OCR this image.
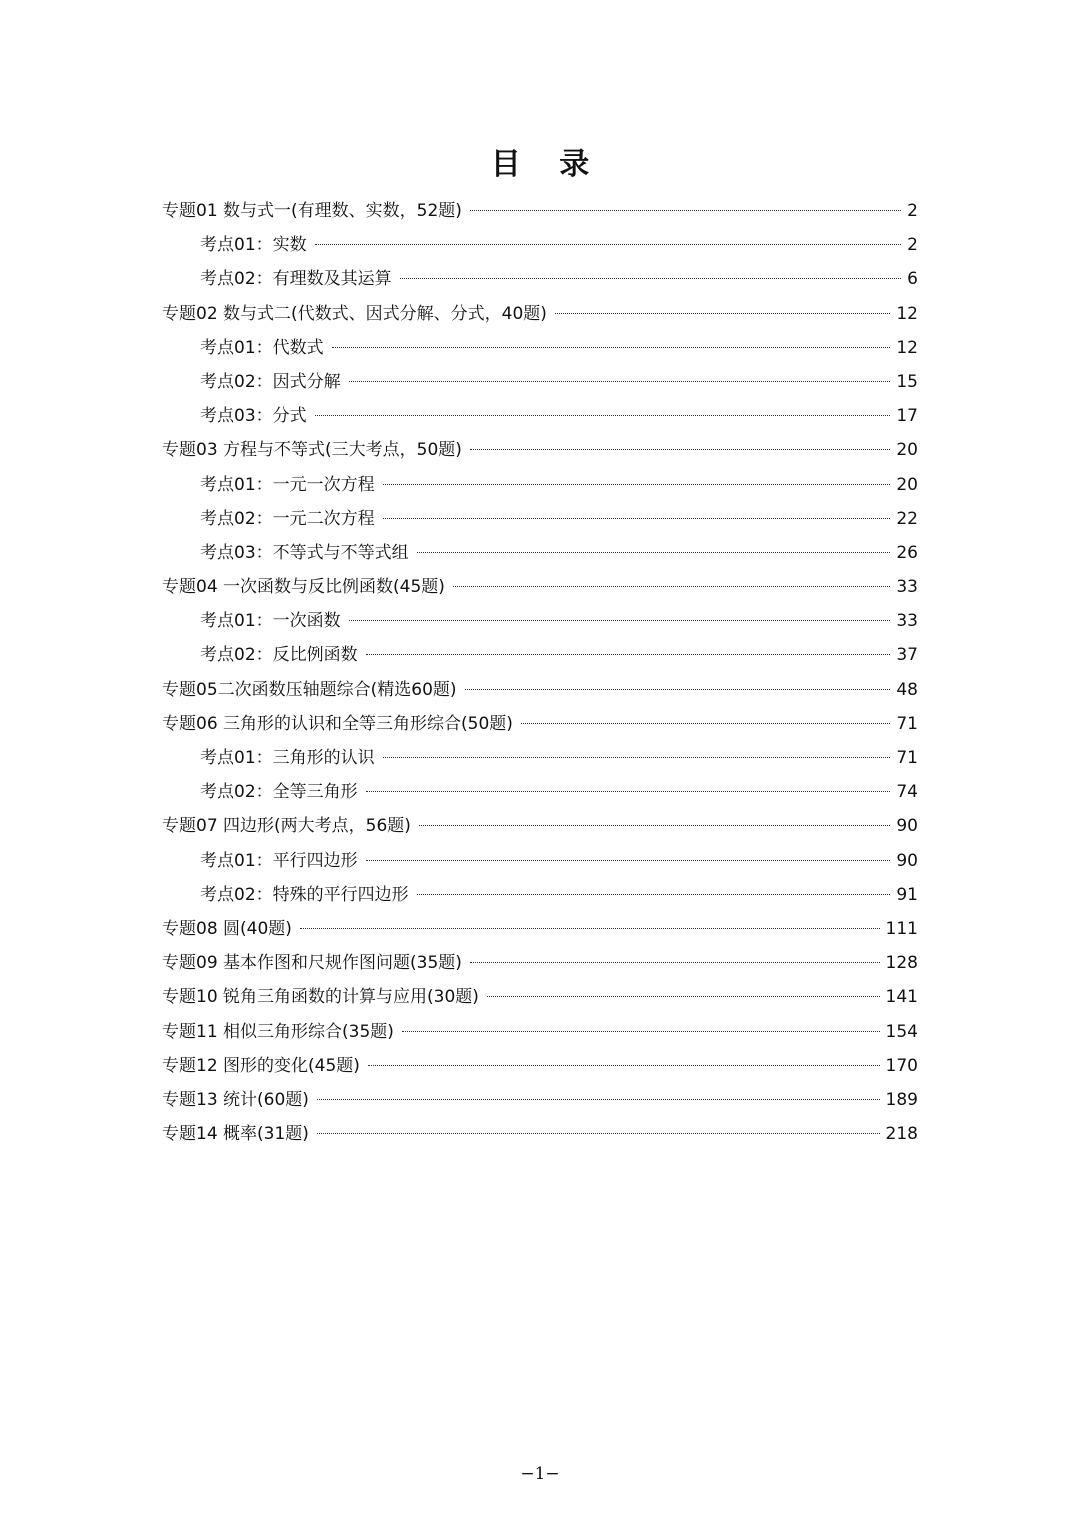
目 录
专题01 数与式一(有理数、实数，52题)	2
考点01：实数	2
考点02：有理数及其运算	6
专题02 数与式二(代数式、因式分解、分式，40题)	12
考点01：代数式	12
考点02：因式分解	15
考点03：分式	17
专题03 方程与不等式(三大考点，50题)	20
考点01：一元一次方程	20
考点02：一元二次方程	22
考点03：不等式与不等式组	26
专题04 一次函数与反比例函数(45题)	33
考点01：一次函数	33
考点02：反比例函数	37
专题05二次函数压轴题综合(精选60题)	48
专题06 三角形的认识和全等三角形综合(50题)	71
考点01：三角形的认识	71
考点02：全等三角形	74
专题07 四边形(两大考点，56题)	90
考点01：平行四边形	90
考点02：特殊的平行四边形	91
专题08 圆(40题)	111
专题09 基本作图和尺规作图问题(35题)	128
专题10 锐角三角函数的计算与应用(30题)	141
专题11 相似三角形综合(35题)	154
专题12 图形的变化(45题)	170
专题13 统计(60题)	189
专题14 概率(31题)	218
−1−
